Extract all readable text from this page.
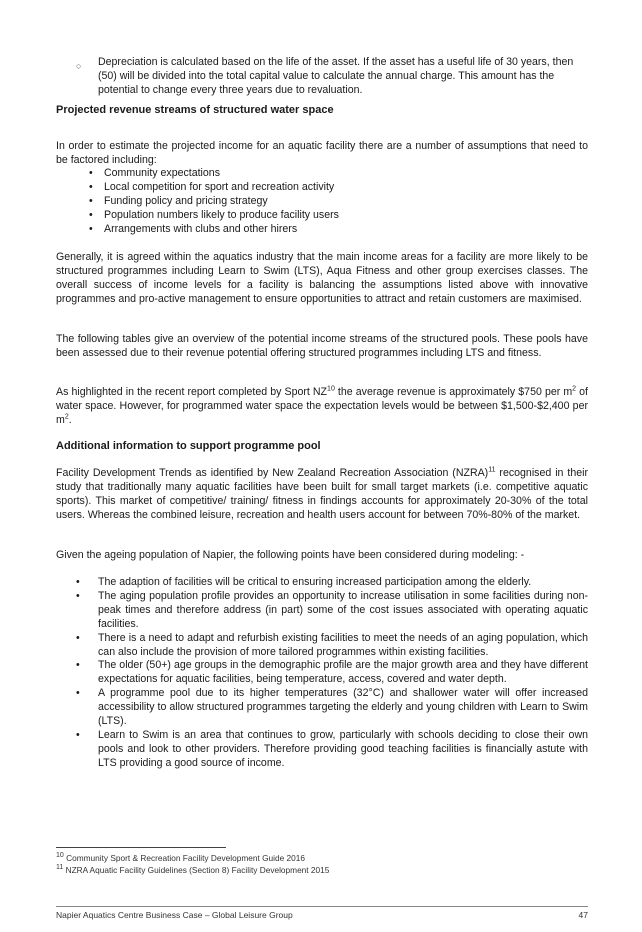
○ Depreciation is calculated based on the life of the asset. If the asset has a useful life of 30 years, then (50) will be divided into the total capital value to calculate the annual charge. This amount has the potential to change every three years due to revaluation.
Projected revenue streams of structured water space
In order to estimate the projected income for an aquatic facility there are a number of assumptions that need to be factored including:
• Community expectations
• Local competition for sport and recreation activity
• Funding policy and pricing strategy
• Population numbers likely to produce facility users
• Arrangements with clubs and other hirers
Generally, it is agreed within the aquatics industry that the main income areas for a facility are more likely to be structured programmes including Learn to Swim (LTS), Aqua Fitness and other group exercises classes. The overall success of income levels for a facility is balancing the assumptions listed above with innovative programmes and pro-active management to ensure opportunities to attract and retain customers are maximised.
The following tables give an overview of the potential income streams of the structured pools. These pools have been assessed due to their revenue potential offering structured programmes including LTS and fitness.
As highlighted in the recent report completed by Sport NZ$^{10}$ the average revenue is approximately $750 per $m^2$ of water space. However, for programmed water space the expectation levels would be between $1,500-$2,400 per $m^2$.
Additional information to support programme pool
Facility Development Trends as identified by New Zealand Recreation Association (NZRA)$^{11}$ recognised in their study that traditionally many aquatic facilities have been built for small target markets (i.e. competitive aquatic sports). This market of competitive/ training/ fitness in findings accounts for approximately 20-30% of the total users. Whereas the combined leisure, recreation and health users account for between 70%-80% of the market.
Given the ageing population of Napier, the following points have been considered during modeling: -
• The adaption of facilities will be critical to ensuring increased participation among the elderly.
• The aging population profile provides an opportunity to increase utilisation in some facilities during non-peak times and therefore address (in part) some of the cost issues associated with operating aquatic facilities.
• There is a need to adapt and refurbish existing facilities to meet the needs of an aging population, which can also include the provision of more tailored programmes within existing facilities.
• The older (50+) age groups in the demographic profile are the major growth area and they have different expectations for aquatic facilities, being temperature, access, covered and water depth.
• A programme pool due to its higher temperatures (32°C) and shallower water will offer increased accessibility to allow structured programmes targeting the elderly and young children with Learn to Swim (LTS).
• Learn to Swim is an area that continues to grow, particularly with schools deciding to close their own pools and look to other providers. Therefore providing good teaching facilities is financially astute with LTS providing a good source of income.
$^{10}$ Community Sport & Recreation Facility Development Guide 2016
$^{11}$ NZRA Aquatic Facility Guidelines (Section 8) Facility Development 2015
Napier Aquatics Centre Business Case – Global Leisure Group	47
